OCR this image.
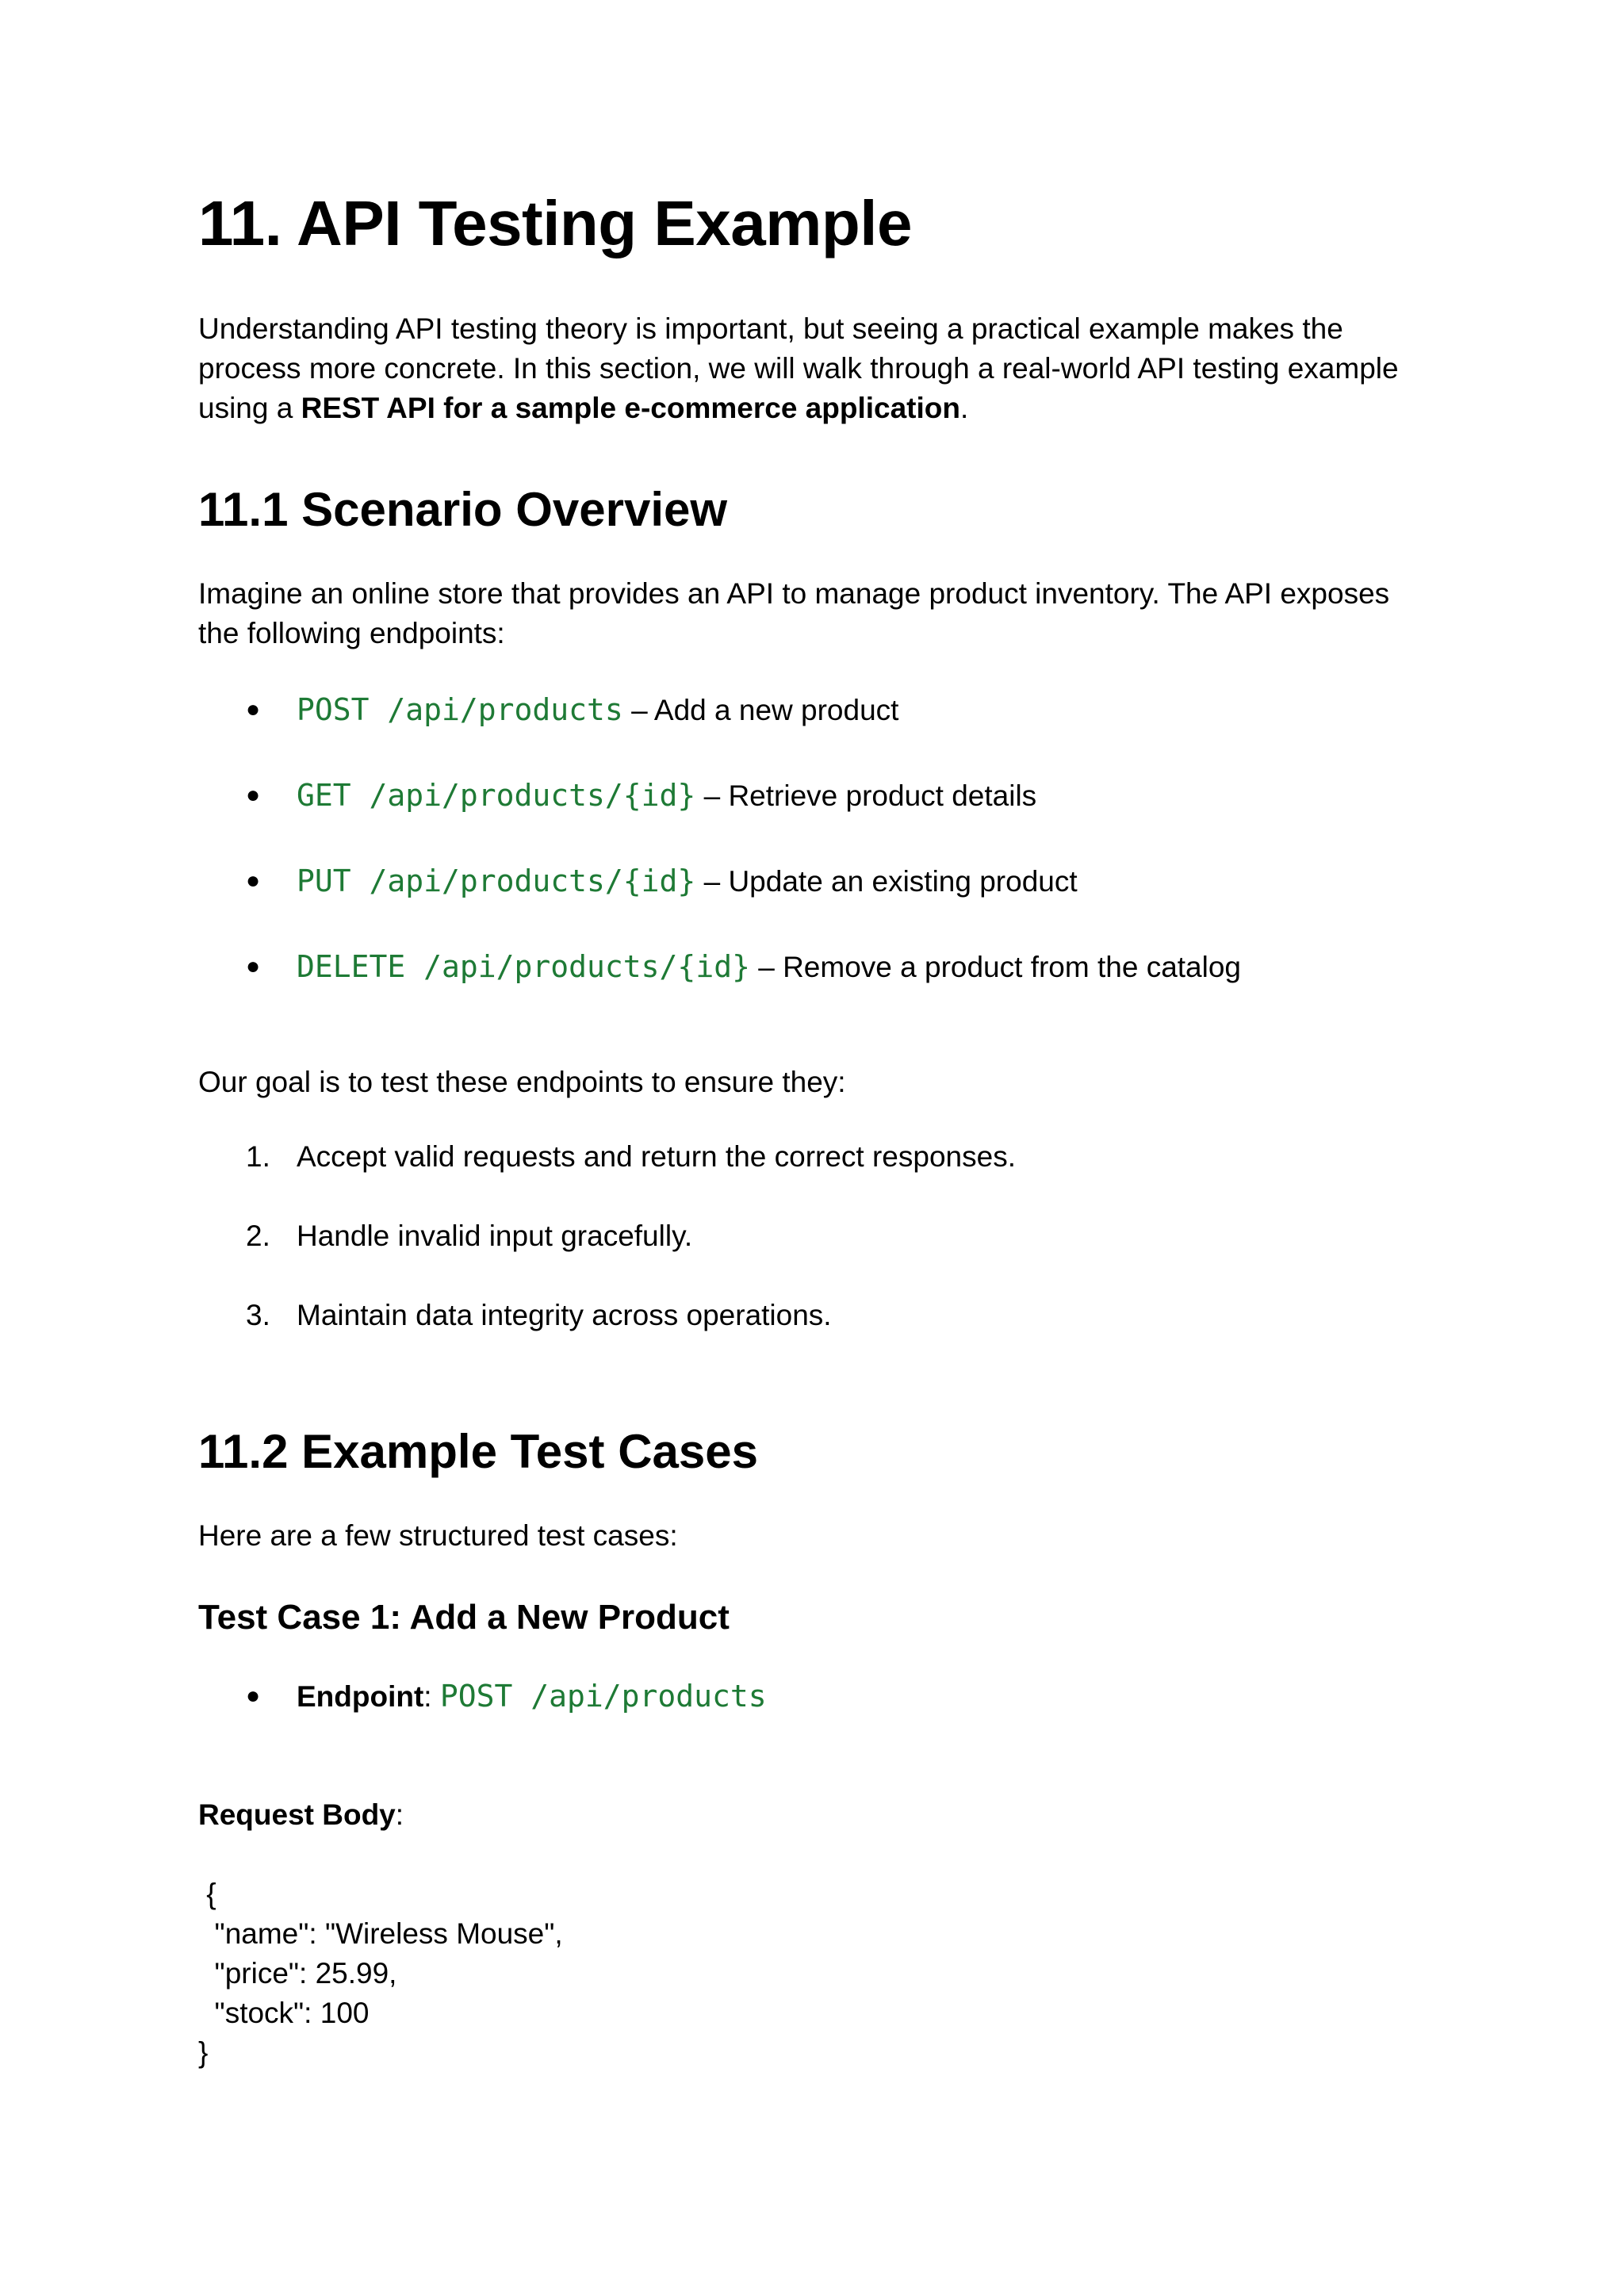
11. API Testing Example

Understanding API testing theory is important, but seeing a practical example makes the process more concrete. In this section, we will walk through a real-world API testing example using a REST API for a sample e-commerce application.

11.1 Scenario Overview

Imagine an online store that provides an API to manage product inventory. The API exposes the following endpoints:

● POST /api/products – Add a new product
● GET /api/products/{id} – Retrieve product details
● PUT /api/products/{id} – Update an existing product
● DELETE /api/products/{id} – Remove a product from the catalog

Our goal is to test these endpoints to ensure they:

1. Accept valid requests and return the correct responses.
2. Handle invalid input gracefully.
3. Maintain data integrity across operations.
11.2 Example Test Cases

Here are a few structured test cases:

Test Case 1: Add a New Product
● Endpoint: POST /api/products

Request Body:

{
"name": "Wireless Mouse",
"price": 25.99,
"stock": 100
}
